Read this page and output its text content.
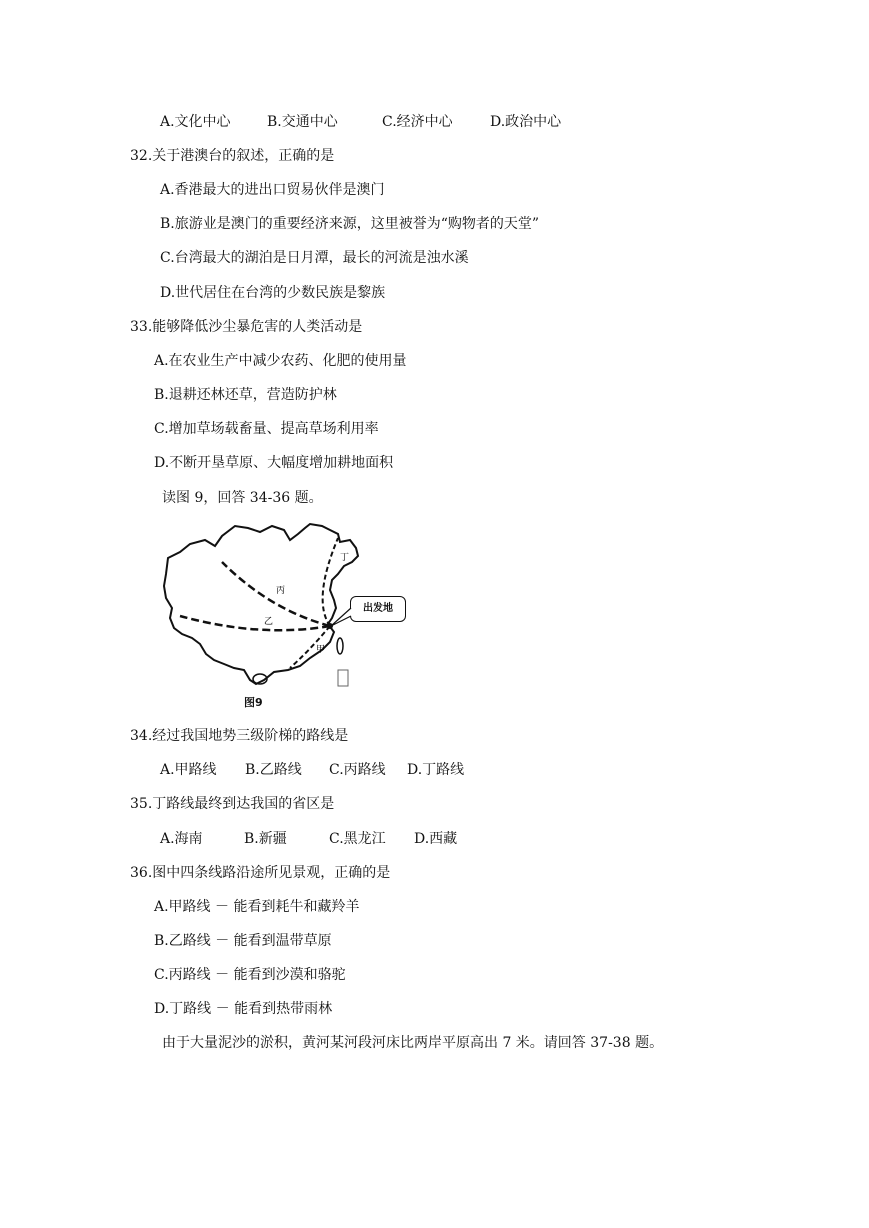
A.文化中心	B.交通中心	C.经济中心	D.政治中心
32.关于港澳台的叙述，正确的是
A.香港最大的进出口贸易伙伴是澳门
B.旅游业是澳门的重要经济来源，这里被誉为“购物者的天堂”
C.台湾最大的湖泊是日月潭，最长的河流是浊水溪
D.世代居住在台湾的少数民族是黎族
33.能够降低沙尘暴危害的人类活动是
A.在农业生产中减少农药、化肥的使用量
B.退耕还林还草，营造防护林
C.增加草场载畜量、提高草场利用率
D.不断开垦草原、大幅度增加耕地面积
读图 9，回答 34-36 题。
甲
乙
丙
丁
出发地
图9
34.经过我国地势三级阶梯的路线是
A.甲路线 B.乙路线 C.丙路线 D.丁路线
35.丁路线最终到达我国的省区是
A.海南	B.新疆	C.黑龙江 D.西藏
36.图中四条线路沿途所见景观，正确的是
A.甲路线 － 能看到耗牛和藏羚羊
B.乙路线 － 能看到温带草原
C.丙路线 － 能看到沙漠和骆驼
D.丁路线 － 能看到热带雨林
由于大量泥沙的淤积，黄河某河段河床比两岸平原高出 7 米。请回答 37-38 题。
